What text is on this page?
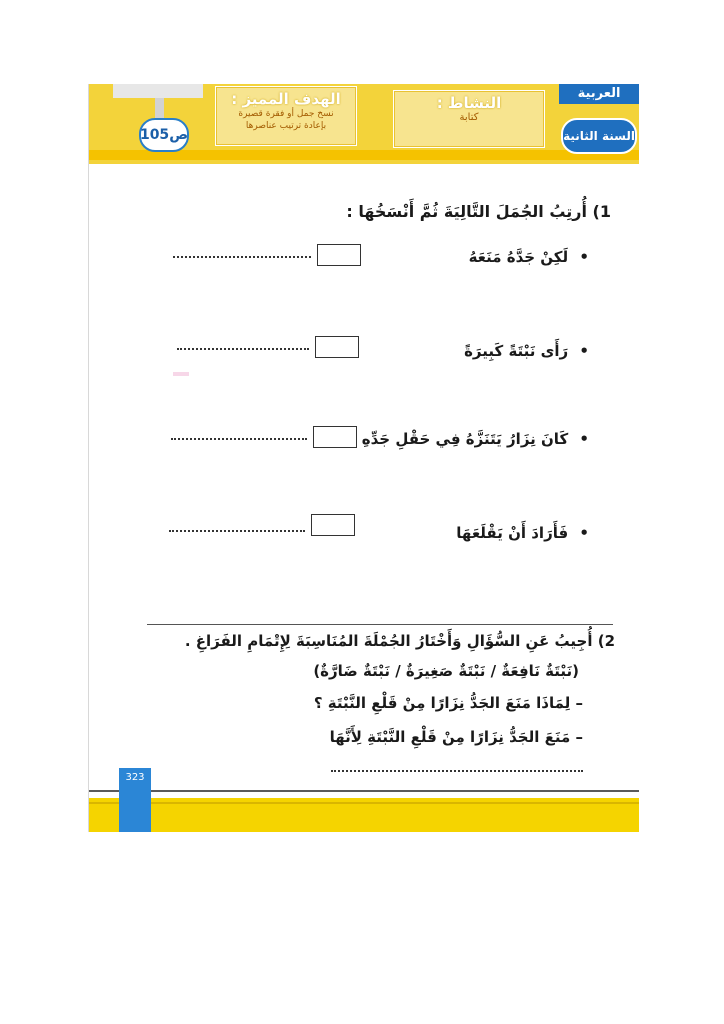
ص105
الهدف المميز :
نسخ جمل أو فقرة قصيرة
بإعادة ترتيب عناصرها
النشاط :
كتابة
العربية
السنة الثانية
1) أُرتِبُ الجُمَلَ التَّالِيَةَ ثُمَّ أَنْسَخُهَا :
• لَكِنْ جَدَّهُ مَنَعَهُ
• رَأَى نَبْتَةً كَبِيرَةً
• كَانَ نِزَارُ يَتَنَزَّهُ فِي حَقْلِ جَدِّهِ
• فَأَرَادَ أَنْ يَقْلَعَهَا
2) أُجِيبُ عَنِ السُّؤَالِ وَأَخْتَارُ الجُمْلَةَ المُنَاسِبَةَ لِإِتْمَامِ الفَرَاغِ .
(نَبْتَةٌ نَافِعَةٌ / نَبْتَةٌ صَغِيرَةٌ / نَبْتَةٌ ضَارَّةٌ)
– لِمَاذَا مَنَعَ الجَدُّ نِزَارًا مِنْ قَلْعِ النَّبْتَةِ ؟
– مَنَعَ الجَدُّ نِزَارًا مِنْ قَلْعِ النَّبْتَةِ لِأَنَّهَا
323
